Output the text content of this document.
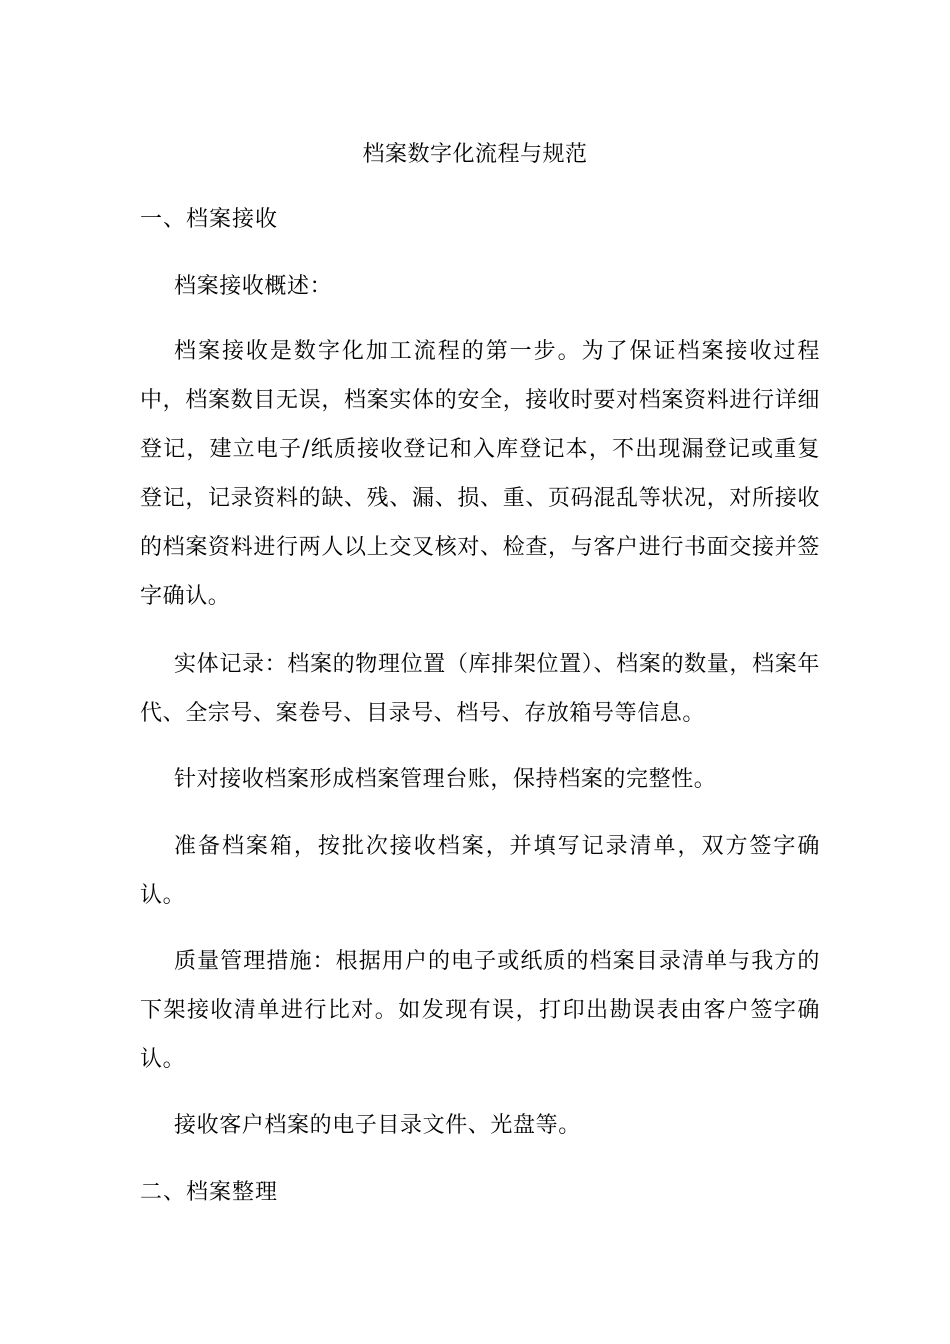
档案数字化流程与规范
一、档案接收

档案接收概述：

档案接收是数字化加工流程的第一步。为了保证档案接收过程中，档案数目无误，档案实体的安全，接收时要对档案资料进行详细登记，建立电子/纸质接收登记和入库登记本，不出现漏登记或重复登记，记录资料的缺、残、漏、损、重、页码混乱等状况，对所接收的档案资料进行两人以上交叉核对、检查，与客户进行书面交接并签字确认。

实体记录：档案的物理位置（库排架位置）、档案的数量，档案年代、全宗号、案卷号、目录号、档号、存放箱号等信息。

针对接收档案形成档案管理台账，保持档案的完整性。

准备档案箱，按批次接收档案，并填写记录清单，双方签字确认。

质量管理措施：根据用户的电子或纸质的档案目录清单与我方的下架接收清单进行比对。如发现有误，打印出勘误表由客户签字确认。

接收客户档案的电子目录文件、光盘等。

二、档案整理
